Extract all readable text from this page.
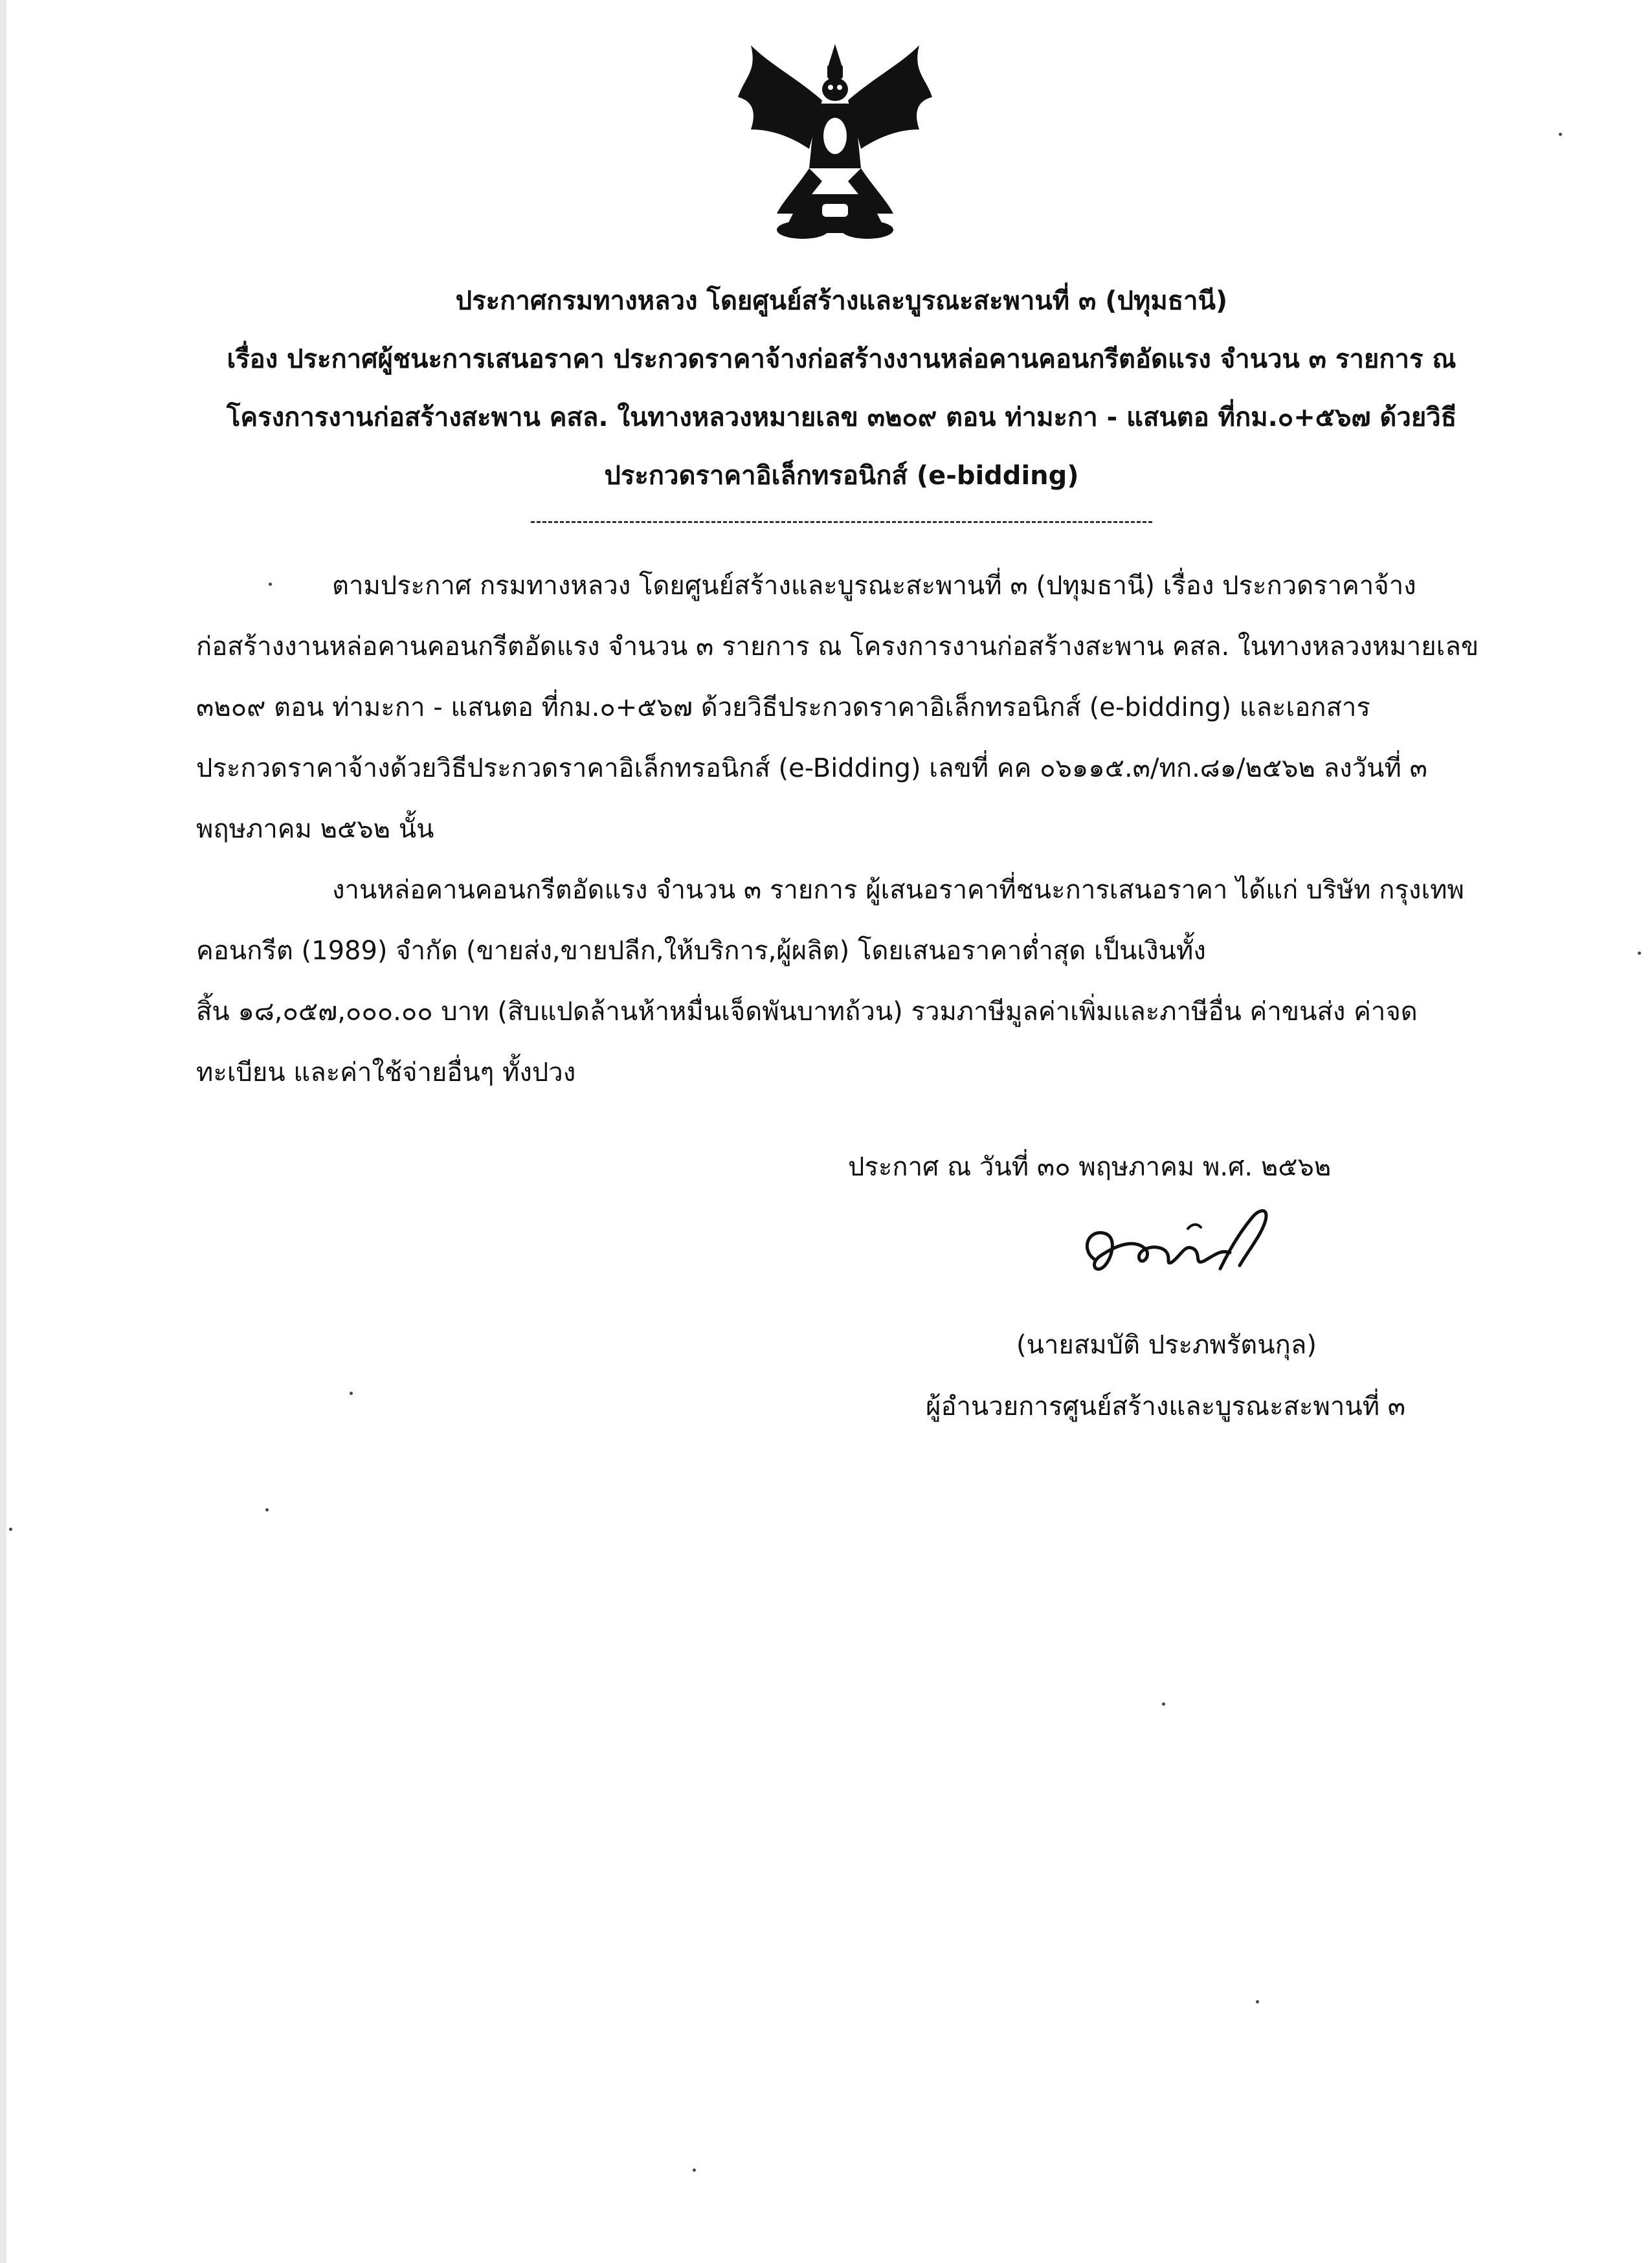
ประกาศกรมทางหลวง โดยศูนย์สร้างและบูรณะสะพานที่ ๓ (ปทุมธานี)
เรื่อง ประกาศผู้ชนะการเสนอราคา ประกวดราคาจ้างก่อสร้างงานหล่อคานคอนกรีตอัดแรง จำนวน ๓ รายการ ณ
โครงการงานก่อสร้างสะพาน คสล. ในทางหลวงหมายเลข ๓๒๐๙ ตอน ท่ามะกา - แสนตอ ที่กม.๐+๕๖๗ ด้วยวิธี
ประกวดราคาอิเล็กทรอนิกส์ (e-bidding)
ตามประกาศ กรมทางหลวง โดยศูนย์สร้างและบูรณะสะพานที่ ๓ (ปทุมธานี) เรื่อง ประกวดราคาจ้าง
ก่อสร้างงานหล่อคานคอนกรีตอัดแรง จำนวน ๓ รายการ ณ โครงการงานก่อสร้างสะพาน คสล. ในทางหลวงหมายเลข
๓๒๐๙ ตอน ท่ามะกา - แสนตอ ที่กม.๐+๕๖๗ ด้วยวิธีประกวดราคาอิเล็กทรอนิกส์ (e-bidding) และเอกสาร
ประกวดราคาจ้างด้วยวิธีประกวดราคาอิเล็กทรอนิกส์ (e-Bidding) เลขที่ คค ๐๖๑๑๕.๓/ทก.๘๑/๒๕๖๒ ลงวันที่ ๓
พฤษภาคม ๒๕๖๒ นั้น
งานหล่อคานคอนกรีตอัดแรง จำนวน ๓ รายการ ผู้เสนอราคาที่ชนะการเสนอราคา ได้แก่ บริษัท กรุงเทพ
คอนกรีต (1989) จำกัด (ขายส่ง,ขายปลีก,ให้บริการ,ผู้ผลิต) โดยเสนอราคาต่ำสุด เป็นเงินทั้ง
สิ้น ๑๘,๐๕๗,๐๐๐.๐๐ บาท (สิบแปดล้านห้าหมื่นเจ็ดพันบาทถ้วน) รวมภาษีมูลค่าเพิ่มและภาษีอื่น ค่าขนส่ง ค่าจด
ทะเบียน และค่าใช้จ่ายอื่นๆ ทั้งปวง
ประกาศ ณ วันที่ ๓๐ พฤษภาคม พ.ศ. ๒๕๖๒
(นายสมบัติ ประภพรัตนกุล)
ผู้อำนวยการศูนย์สร้างและบูรณะสะพานที่ ๓
